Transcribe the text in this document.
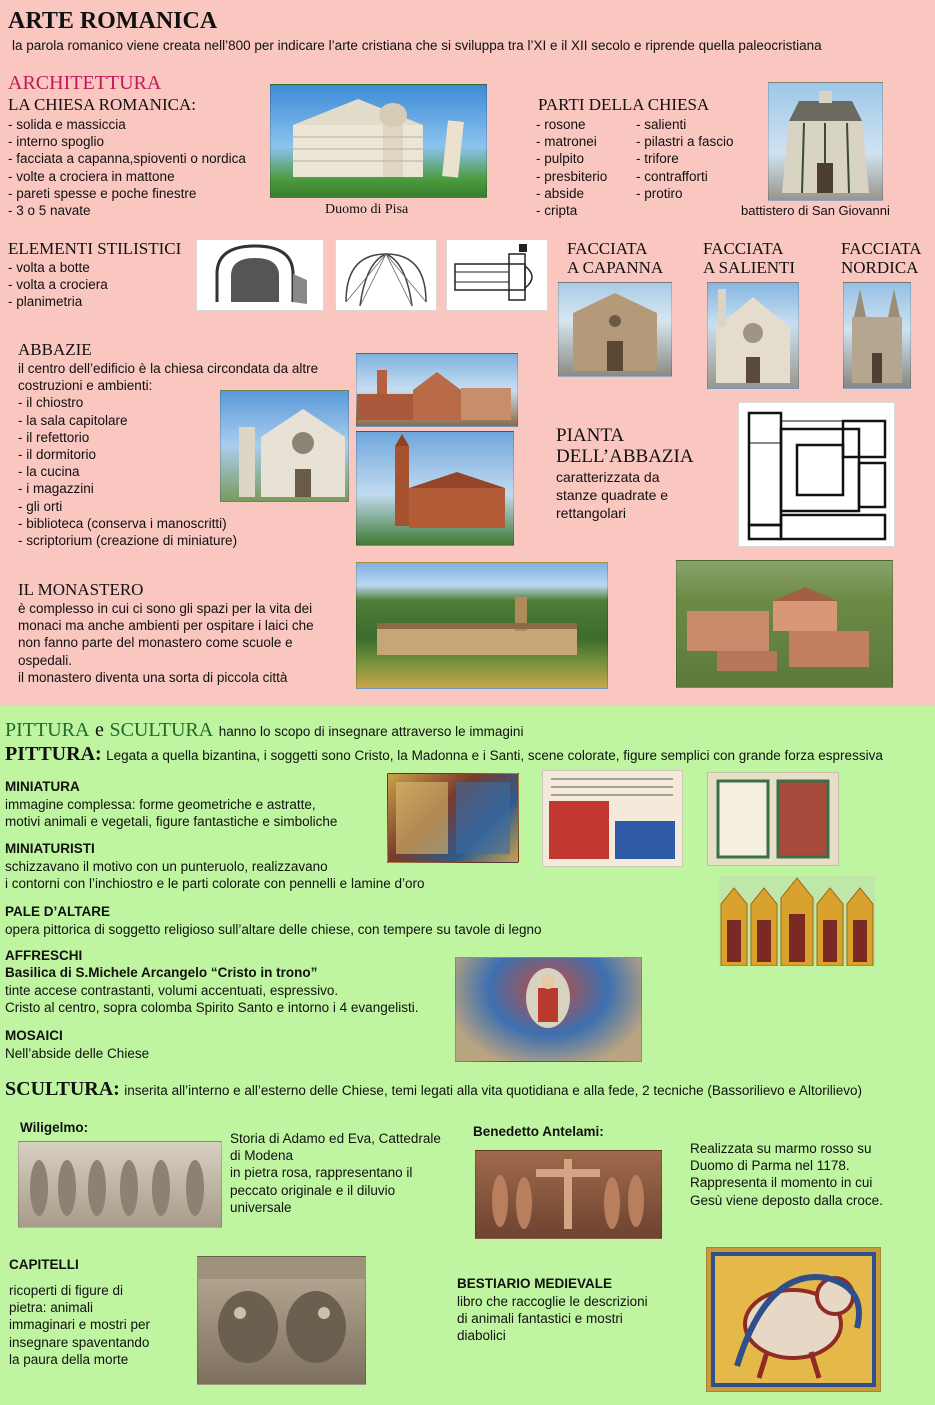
ARTE ROMANICA
la parola romanico viene creata nell’800 per indicare l’arte cristiana che si sviluppa tra l’XI e il XII secolo e riprende quella paleocristiana
ARCHITETTURA
LA CHIESA ROMANICA:
- solida e massiccia
- interno spoglio
- facciata a capanna,spioventi o nordica
- volte a crociera in mattone
- pareti spesse e poche finestre
- 3 o 5 navate	Duomo di Pisa
PARTI DELLA CHIESA
- rosone
- matronei
- pulpito
- presbiterio
- abside
- cripta
- salienti
- pilastri a fascio
- trifore
- contrafforti
- protiro
battistero di San Giovanni
ELEMENTI STILISTICI
- volta a botte
- volta a crociera
- planimetria
FACCIATA
A CAPANNA
FACCIATA
A SALIENTI
FACCIATA
NORDICA
ABBAZIE
il centro dell’edificio è la chiesa circondata da altre
costruzioni e ambienti:
- il chiostro
- la sala capitolare
- il refettorio
- il dormitorio
- la cucina
- i magazzini
- gli orti
- biblioteca (conserva i manoscritti)
- scriptorium (creazione di miniature)
PIANTA
DELL’ABBAZIA
caratterizzata da
stanze quadrate e
rettangolari
IL MONASTERO
è complesso in cui ci sono gli spazi per la vita dei
monaci ma anche ambienti per ospitare i laici che
non fanno parte del monastero come scuole e
ospedali.
il monastero diventa una sorta di piccola città
PITTURA e SCULTURA hanno lo scopo di insegnare attraverso le immagini
PITTURA: Legata a quella bizantina, i soggetti sono Cristo, la Madonna e i Santi, scene colorate, figure semplici con grande forza espressiva
MINIATURA
immagine complessa: forme geometriche e astratte,
motivi animali e vegetali, figure fantastiche e simboliche
MINIATURISTI
schizzavano il motivo con un punteruolo, realizzavano
i contorni con l’inchiostro e le parti colorate con pennelli e lamine d’oro
PALE D’ALTARE
opera pittorica di soggetto religioso sull’altare delle chiese, con tempere su tavole di legno
AFFRESCHI
Basilica di S.Michele Arcangelo “Cristo in trono”
tinte accese contrastanti, volumi accentuati, espressivo.
Cristo al centro, sopra colomba Spirito Santo e intorno i 4 evangelisti.
MOSAICI
Nell’abside delle Chiese
SCULTURA: inserita all’interno e all’esterno delle Chiese, temi legati alla vita quotidiana e alla fede, 2 tecniche (Bassorilievo e Altorilievo)
Wiligelmo:
Storia di Adamo ed Eva, Cattedrale
di Modena
in pietra rosa, rappresentano il
peccato originale e il diluvio
universale
Benedetto Antelami:
Realizzata su marmo rosso su
Duomo di Parma nel 1178.
Rappresenta il momento in cui
Gesù viene deposto dalla croce.
CAPITELLI
ricoperti di figure di
pietra: animali
immaginari e mostri per
insegnare spaventando
la paura della morte
BESTIARIO MEDIEVALE
libro che raccoglie le descrizioni
di animali fantastici e mostri
diabolici
